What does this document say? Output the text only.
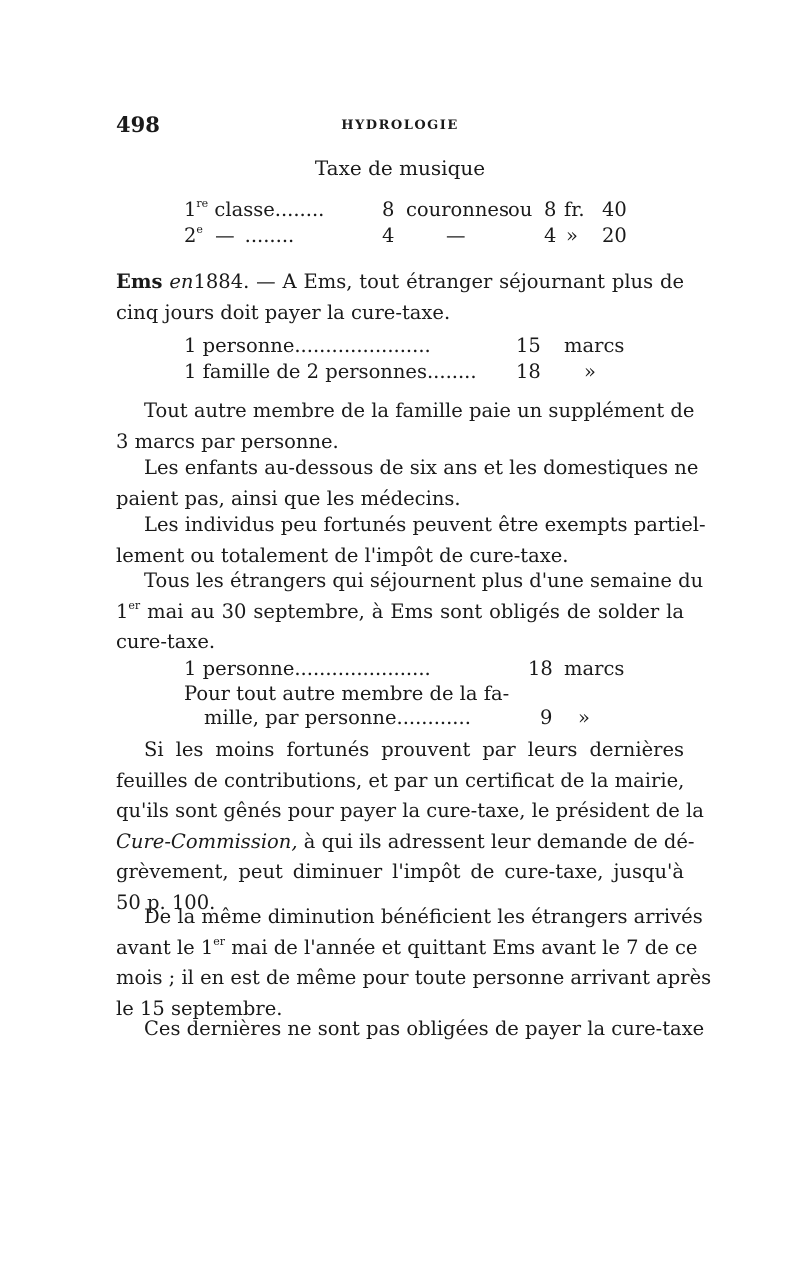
498	HYDROLOGIE
Taxe de musique
1re classe........	8 couronnes ou 8 fr. 40
2e — ........	4	—	4 » 20
Ems en1884. — A Ems, tout étranger séjournant plus de
cinq jours doit payer la cure-taxe.
1 personne......................	15 marcs
1 famille de 2 personnes........ 18 »
Tout autre membre de la famille paie un supplément de
3 marcs par personne.
Les enfants au-dessous de six ans et les domestiques ne
paient pas, ainsi que les médecins.
Les individus peu fortunés peuvent être exempts partiel-
lement ou totalement de l'impôt de cure-taxe.
Tous les étrangers qui séjournent plus d'une semaine du
1er mai au 30 septembre, à Ems sont obligés de solder la
cure-taxe.
1 personne......................	18 marcs
Pour tout autre membre de la fa-
mille, par personne............	9 »
Si les moins fortunés prouvent par leurs dernières
feuilles de contributions, et par un certificat de la mairie,
qu'ils sont gênés pour payer la cure-taxe, le président de la
Cure-Commission, à qui ils adressent leur demande de dé-
grèvement, peut diminuer l'impôt de cure-taxe, jusqu'à
50 p. 100.
De la même diminution bénéficient les étrangers arrivés
avant le 1er mai de l'année et quittant Ems avant le 7 de ce
mois ; il en est de même pour toute personne arrivant après
le 15 septembre.
Ces dernières ne sont pas obligées de payer la cure-taxe
